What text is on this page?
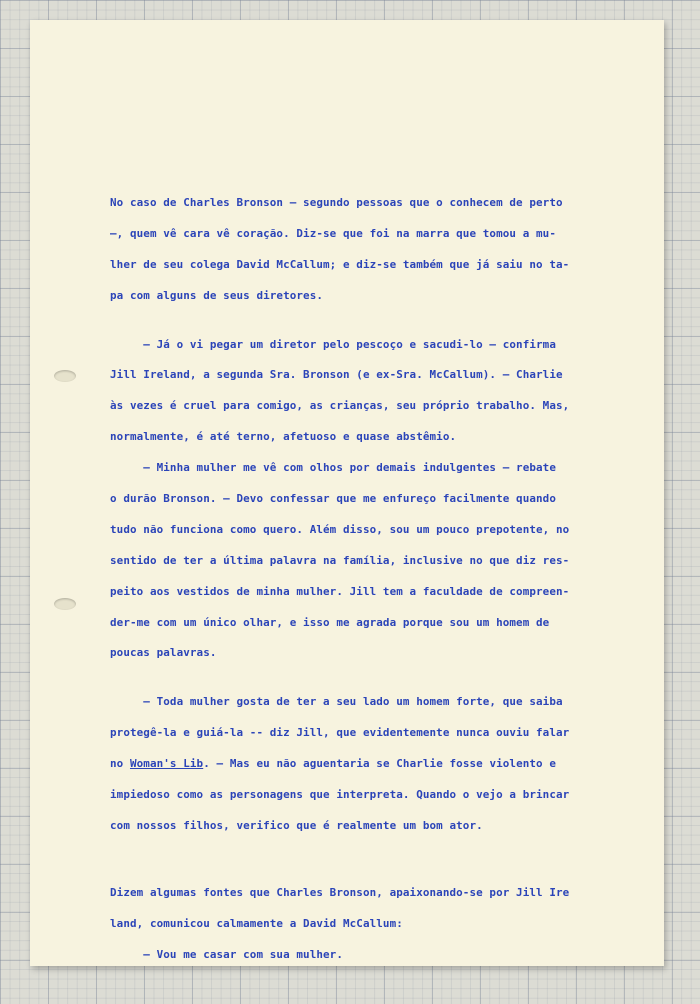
No caso de Charles Bronson — segundo pessoas que o conhecem de perto
—, quem vê cara vê coração. Diz-se que foi na marra que tomou a mu-
lher de seu colega David McCallum; e diz-se também que já saiu no ta-
pa com alguns de seus diretores.
— Já o vi pegar um diretor pelo pescoço e sacudi-lo — confirma
Jill Ireland, a segunda Sra. Bronson (e ex-Sra. McCallum). — Charlie
às vezes é cruel para comigo, as crianças, seu próprio trabalho. Mas,
normalmente, é até terno, afetuoso e quase abstêmio.
— Minha mulher me vê com olhos por demais indulgentes — rebate
o durão Bronson. — Devo confessar que me enfureço facilmente quando
tudo não funciona como quero. Além disso, sou um pouco prepotente, no
sentido de ter a última palavra na família, inclusive no que diz res-
peito aos vestidos de minha mulher. Jill tem a faculdade de compreen-
der-me com um único olhar, e isso me agrada porque sou um homem de
poucas palavras.
— Toda mulher gosta de ter a seu lado um homem forte, que saiba
protegê-la e guiá-la -- diz Jill, que evidentemente nunca ouviu falar
no Woman's Lib. — Mas eu não aguentaria se Charlie fosse violento e
impiedoso como as personagens que interpreta. Quando o vejo a brincar
com nossos filhos, verifico que é realmente um bom ator.
Dizem algumas fontes que Charles Bronson, apaixonando-se por Jill Ire
land, comunicou calmamente a David McCallum:
— Vou me casar com sua mulher.
